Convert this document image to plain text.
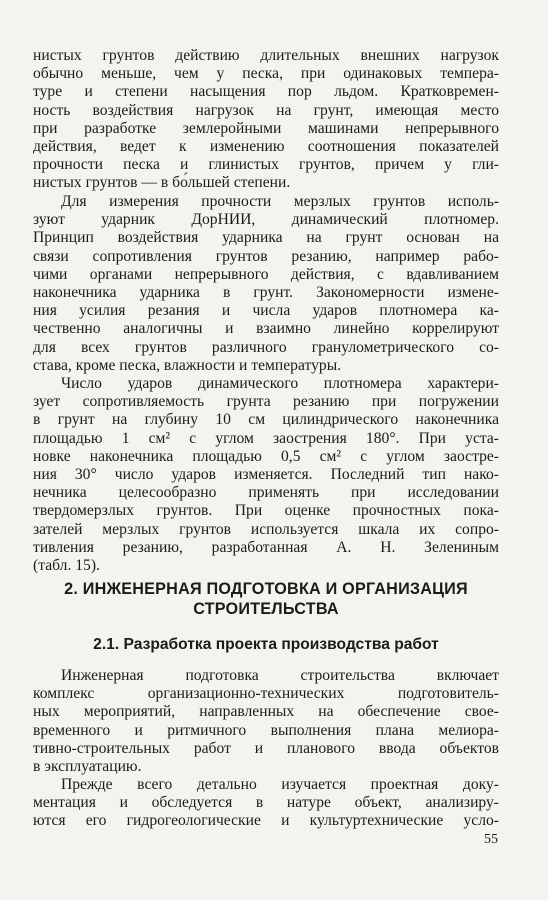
нистых грунтов действию длительных внешних нагрузок
обычно меньше, чем у песка, при одинаковых темпера-
туре и степени насыщения пор льдом. Кратковремен-
ность воздействия нагрузок на грунт, имеющая место
при разработке землеройными машинами непрерывного
действия, ведет к изменению соотношения показателей
прочности песка и глинистых грунтов, причем у гли-
нистых грунтов — в бо́льшей степени.
Для измерения прочности мерзлых грунтов исполь-
зуют ударник ДорНИИ, динамический плотномер.
Принцип воздействия ударника на грунт основан на
связи сопротивления грунтов резанию, например рабо-
чими органами непрерывного действия, с вдавливанием
наконечника ударника в грунт. Закономерности измене-
ния усилия резания и числа ударов плотномера ка-
чественно аналогичны и взаимно линейно коррелируют
для всех грунтов различного гранулометрического со-
става, кроме песка, влажности и температуры.
Число ударов динамического плотномера характери-
зует сопротивляемость грунта резанию при погружении
в грунт на глубину 10 см цилиндрического наконечника
площадью 1 см² с углом заострения 180°. При уста-
новке наконечника площадью 0,5 см² с углом заостре-
ния 30° число ударов изменяется. Последний тип нако-
нечника целесообразно применять при исследовании
твердомерзлых грунтов. При оценке прочностных пока-
зателей мерзлых грунтов используется шкала их сопро-
тивления резанию, разработанная А. Н. Зелениным
(табл. 15).
2. ИНЖЕНЕРНАЯ ПОДГОТОВКА И ОРГАНИЗАЦИЯ
СТРОИТЕЛЬСТВА
2.1. Разработка проекта производства работ
Инженерная подготовка строительства включает
комплекс организационно-технических подготовитель-
ных мероприятий, направленных на обеспечение свое-
временного и ритмичного выполнения плана мелиора-
тивно-строительных работ и планового ввода объектов
в эксплуатацию.
Прежде всего детально изучается проектная доку-
ментация и обследуется в натуре объект, анализиру-
ются его гидрогеологические и культуртехнические усло-
55
